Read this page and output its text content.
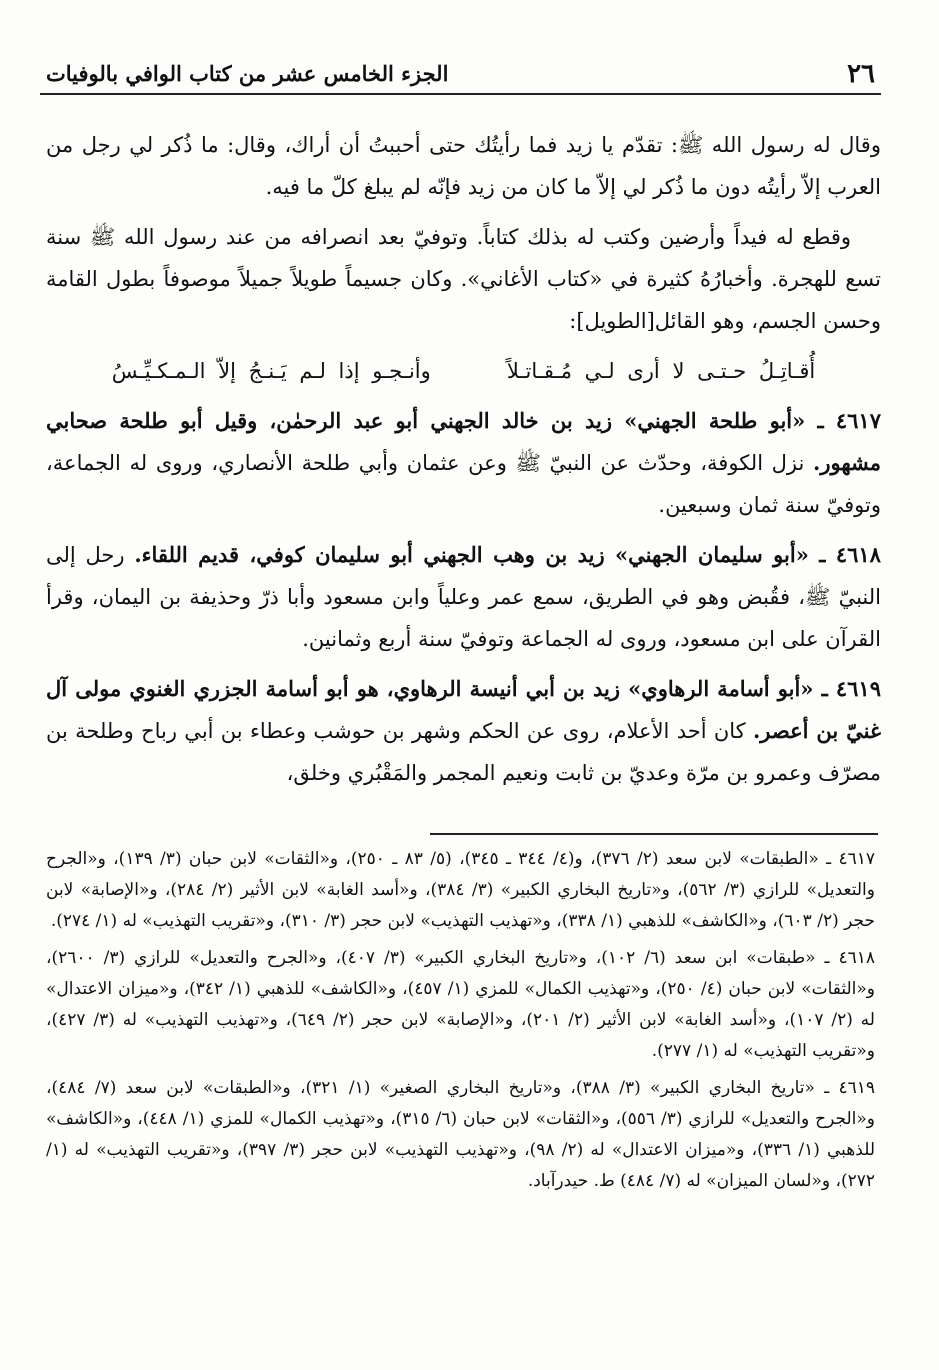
٢٦
الجزء الخامس عشر من كتاب الوافي بالوفيات

وقال له رسول الله ﷺ: تقدّم يا زيد فما رأيتُك حتى أحببتُ أن أراك، وقال: ما ذُكر لي رجل من العرب إلاّ رأيتُه دون ما ذُكر لي إلاّ ما كان من زيد فإنّه لم يبلغ كلّ ما فيه.

وقطع له فيداً وأرضين وكتب له بذلك كتاباً. وتوفيّ بعد انصرافه من عند رسول الله ﷺ سنة تسع للهجرة. وأخبارُهُ كثيرة في «كتاب الأغاني». وكان جسيماً طويلاً جميلاً موصوفاً بطول القامة وحسن الجسم، وهو القائل[الطويل]:

أُقـاتِـلُ حـتـى لا أرى لـي مُـقـاتـلاً      وأنـجـو إذا لـم يَـنـجُ إلاّ الـمـكـيِّـسُ

٤٦١٧ ـ «أبو طلحة الجهني» زيد بن خالد الجهني أبو عبد الرحمٰن، وقيل أبو طلحة صحابي مشهور. نزل الكوفة، وحدّث عن النبيّ ﷺ وعن عثمان وأبي طلحة الأنصاري، وروى له الجماعة، وتوفيّ سنة ثمان وسبعين.

٤٦١٨ ـ «أبو سليمان الجهني» زيد بن وهب الجهني أبو سليمان كوفي، قديم اللقاء. رحل إلى النبيّ ﷺ، فقُبض وهو في الطريق، سمع عمر وعلياً وابن مسعود وأبا ذرّ وحذيفة بن اليمان، وقرأ القرآن على ابن مسعود، وروى له الجماعة وتوفيّ سنة أربع وثمانين.

٤٦١٩ ـ «أبو أسامة الرهاوي» زيد بن أبي أنيسة الرهاوي، هو أبو أسامة الجزري الغنوي مولى آل غنيّ بن أعصر. كان أحد الأعلام، روى عن الحكم وشهر بن حوشب وعطاء بن أبي رباح وطلحة بن مصرّف وعمرو بن مرّة وعديّ بن ثابت ونعيم المجمر والمَقْبُري وخلق،

٤٦١٧ ـ «الطبقات» لابن سعد (٢/ ٣٧٦)، و(٤/ ٣٤٤ ـ ٣٤٥)، (٥/ ٨٣ ـ ٢٥٠)، و«الثقات» لابن حبان (٣/ ١٣٩)، و«الجرح والتعديل» للرازي (٣/ ٥٦٢)، و«تاريخ البخاري الكبير» (٣/ ٣٨٤)، و«أسد الغابة» لابن الأثير (٢/ ٢٨٤)، و«الإصابة» لابن حجر (٢/ ٦٠٣)، و«الكاشف» للذهبي (١/ ٣٣٨)، و«تهذيب التهذيب» لابن حجر (٣/ ٣١٠)، و«تقريب التهذيب» له (١/ ٢٧٤).

٤٦١٨ ـ «طبقات» ابن سعد (٦/ ١٠٢)، و«تاريخ البخاري الكبير» (٣/ ٤٠٧)، و«الجرح والتعديل» للرازي (٣/ ٢٦٠٠)، و«الثقات» لابن حبان (٤/ ٢٥٠)، و«تهذيب الكمال» للمزي (١/ ٤٥٧)، و«الكاشف» للذهبي (١/ ٣٤٢)، و«ميزان الاعتدال» له (٢/ ١٠٧)، و«أسد الغابة» لابن الأثير (٢/ ٢٠١)، و«الإصابة» لابن حجر (٢/ ٦٤٩)، و«تهذيب التهذيب» له (٣/ ٤٢٧)، و«تقريب التهذيب» له (١/ ٢٧٧).

٤٦١٩ ـ «تاريخ البخاري الكبير» (٣/ ٣٨٨)، و«تاريخ البخاري الصغير» (١/ ٣٢١)، و«الطبقات» لابن سعد (٧/ ٤٨٤)، و«الجرح والتعديل» للرازي (٣/ ٥٥٦)، و«الثقات» لابن حبان (٦/ ٣١٥)، و«تهذيب الكمال» للمزي (١/ ٤٤٨)، و«الكاشف» للذهبي (١/ ٣٣٦)، و«ميزان الاعتدال» له (٢/ ٩٨)، و«تهذيب التهذيب» لابن حجر (٣/ ٣٩٧)، و«تقريب التهذيب» له (١/ ٢٧٢)، و«لسان الميزان» له (٧/ ٤٨٤) ط. حيدرآباد.
